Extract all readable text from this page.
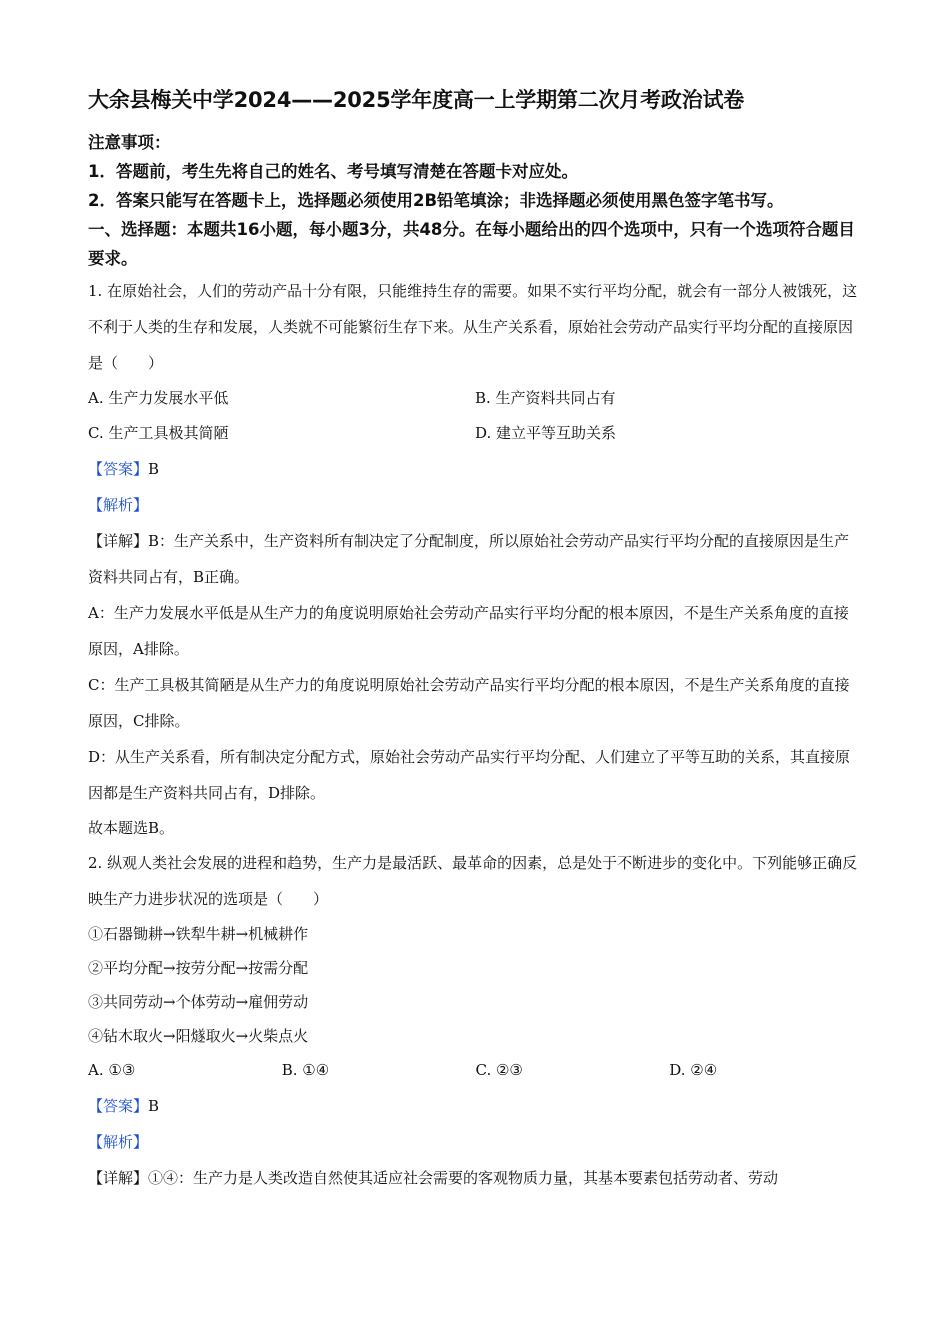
大余县梅关中学2024——2025学年度高一上学期第二次月考政治试卷

注意事项：

1．答题前，考生先将自己的姓名、考号填写清楚在答题卡对应处。

2．答案只能写在答题卡上，选择题必须使用2B铅笔填涂；非选择题必须使用黑色签字笔书写。

一、选择题：本题共16小题，每小题3分，共48分。在每小题给出的四个选项中，只有一个选项符合题目要求。

1. 在原始社会，人们的劳动产品十分有限，只能维持生存的需要。如果不实行平均分配，就会有一部分人被饿死，这不利于人类的生存和发展，人类就不可能繁衍生存下来。从生产关系看，原始社会劳动产品实行平均分配的直接原因是（　　）

A. 生产力发展水平低	B. 生产资料共同占有
C. 生产工具极其简陋	D. 建立平等互助关系

【答案】B

【解析】

【详解】B：生产关系中，生产资料所有制决定了分配制度，所以原始社会劳动产品实行平均分配的直接原因是生产资料共同占有，B正确。

A：生产力发展水平低是从生产力的角度说明原始社会劳动产品实行平均分配的根本原因，不是生产关系角度的直接原因，A排除。

C：生产工具极其简陋是从生产力的角度说明原始社会劳动产品实行平均分配的根本原因，不是生产关系角度的直接原因，C排除。

D：从生产关系看，所有制决定分配方式，原始社会劳动产品实行平均分配、人们建立了平等互助的关系，其直接原因都是生产资料共同占有，D排除。

故本题选B。

2. 纵观人类社会发展的进程和趋势，生产力是最活跃、最革命的因素，总是处于不断进步的变化中。下列能够正确反映生产力进步状况的选项是（　　）

①石器锄耕→铁犁牛耕→机械耕作

②平均分配→按劳分配→按需分配

③共同劳动→个体劳动→雇佣劳动

④钻木取火→阳燧取火→火柴点火

A. ①③	B. ①④	C. ②③	D. ②④

【答案】B

【解析】

【详解】①④：生产力是人类改造自然使其适应社会需要的客观物质力量，其基本要素包括劳动者、劳动
